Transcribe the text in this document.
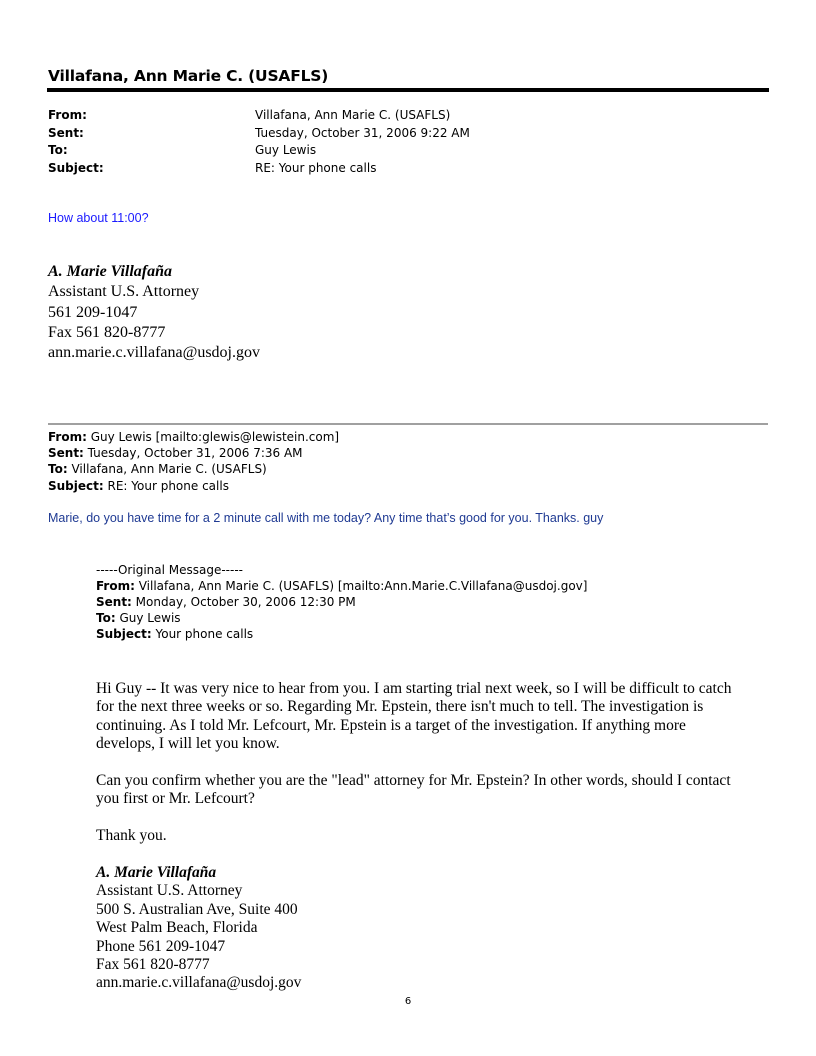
Villafana, Ann Marie C. (USAFLS)
From:	Villafana, Ann Marie C. (USAFLS)
Sent:	Tuesday, October 31, 2006 9:22 AM
To:	Guy Lewis
Subject:	RE: Your phone calls
How about 11:00?
A. Marie Villafaña
Assistant U.S. Attorney
561 209-1047
Fax 561 820-8777
ann.marie.c.villafana@usdoj.gov
From: Guy Lewis [mailto:glewis@lewistein.com]
Sent: Tuesday, October 31, 2006 7:36 AM
To: Villafana, Ann Marie C. (USAFLS)
Subject: RE: Your phone calls
Marie, do you have time for a 2 minute call with me today? Any time that’s good for you. Thanks. guy
-----Original Message-----
From: Villafana, Ann Marie C. (USAFLS) [mailto:Ann.Marie.C.Villafana@usdoj.gov]
Sent: Monday, October 30, 2006 12:30 PM
To: Guy Lewis
Subject: Your phone calls
Hi Guy -- It was very nice to hear from you. I am starting trial next week, so I will be difficult to catch
for the next three weeks or so. Regarding Mr. Epstein, there isn't much to tell. The investigation is
continuing. As I told Mr. Lefcourt, Mr. Epstein is a target of the investigation. If anything more
develops, I will let you know.
Can you confirm whether you are the "lead" attorney for Mr. Epstein? In other words, should I contact
you first or Mr. Lefcourt?
Thank you.
A. Marie Villafaña
Assistant U.S. Attorney
500 S. Australian Ave, Suite 400
West Palm Beach, Florida
Phone 561 209-1047
Fax 561 820-8777
ann.marie.c.villafana@usdoj.gov
6
